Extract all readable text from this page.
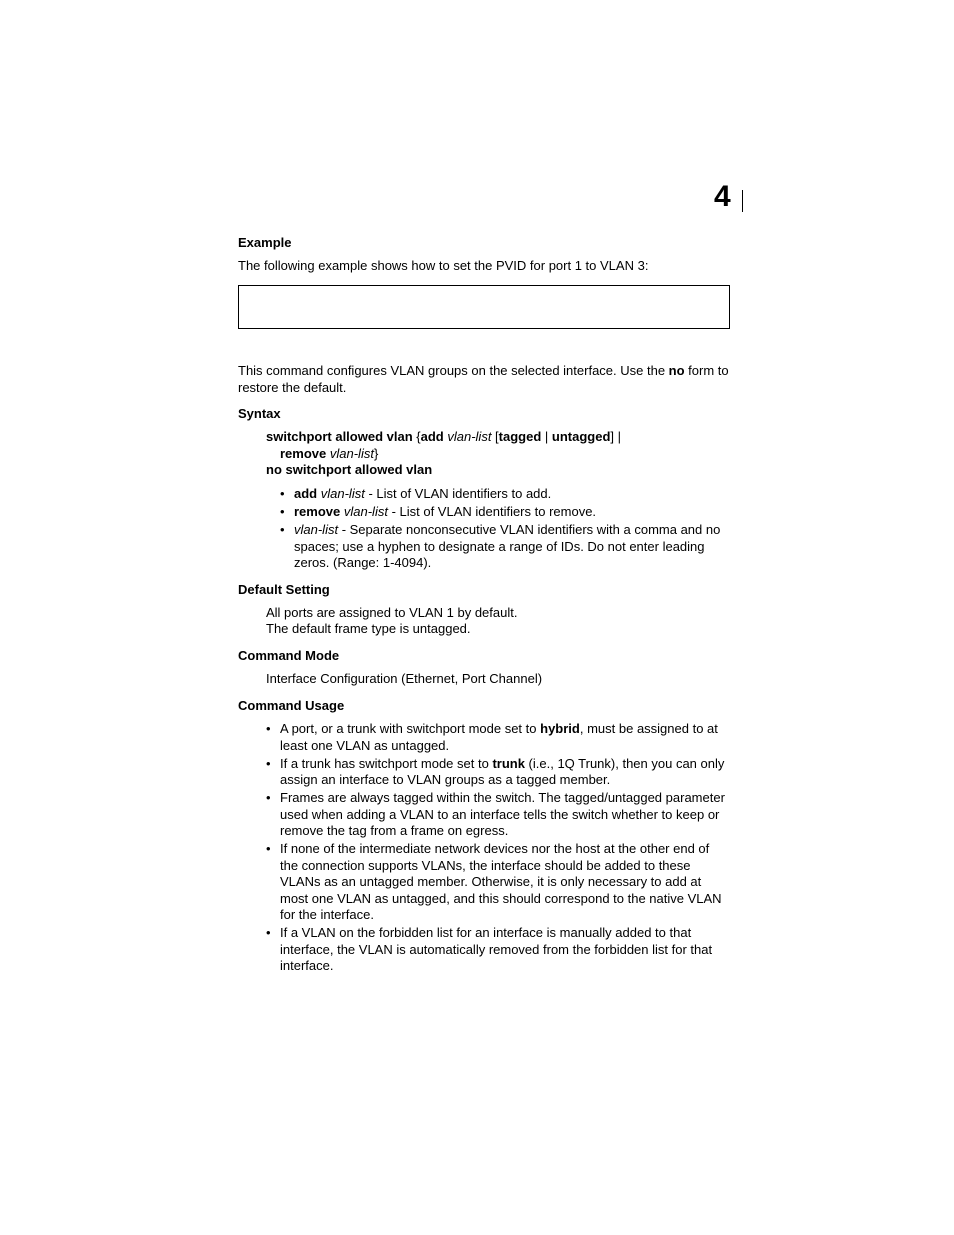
4
Example

The following example shows how to set the PVID for port 1 to VLAN 3:

This command configures VLAN groups on the selected interface. Use the no form to restore the default.

Syntax

switchport allowed vlan {add vlan-list [tagged | untagged] |

remove vlan-list}

no switchport allowed vlan

• add vlan-list - List of VLAN identifiers to add.
• remove vlan-list - List of VLAN identifiers to remove.
• vlan-list - Separate nonconsecutive VLAN identifiers with a comma and no spaces; use a hyphen to designate a range of IDs. Do not enter leading zeros. (Range: 1-4094).
Default Setting

All ports are assigned to VLAN 1 by default.

The default frame type is untagged.

Command Mode

Interface Configuration (Ethernet, Port Channel)

Command Usage
• A port, or a trunk with switchport mode set to hybrid, must be assigned to at least one VLAN as untagged.
• If a trunk has switchport mode set to trunk (i.e., 1Q Trunk), then you can only assign an interface to VLAN groups as a tagged member.
• Frames are always tagged within the switch. The tagged/untagged parameter used when adding a VLAN to an interface tells the switch whether to keep or remove the tag from a frame on egress.
• If none of the intermediate network devices nor the host at the other end of the connection supports VLANs, the interface should be added to these VLANs as an untagged member. Otherwise, it is only necessary to add at most one VLAN as untagged, and this should correspond to the native VLAN for the interface.
• If a VLAN on the forbidden list for an interface is manually added to that interface, the VLAN is automatically removed from the forbidden list for that interface.
